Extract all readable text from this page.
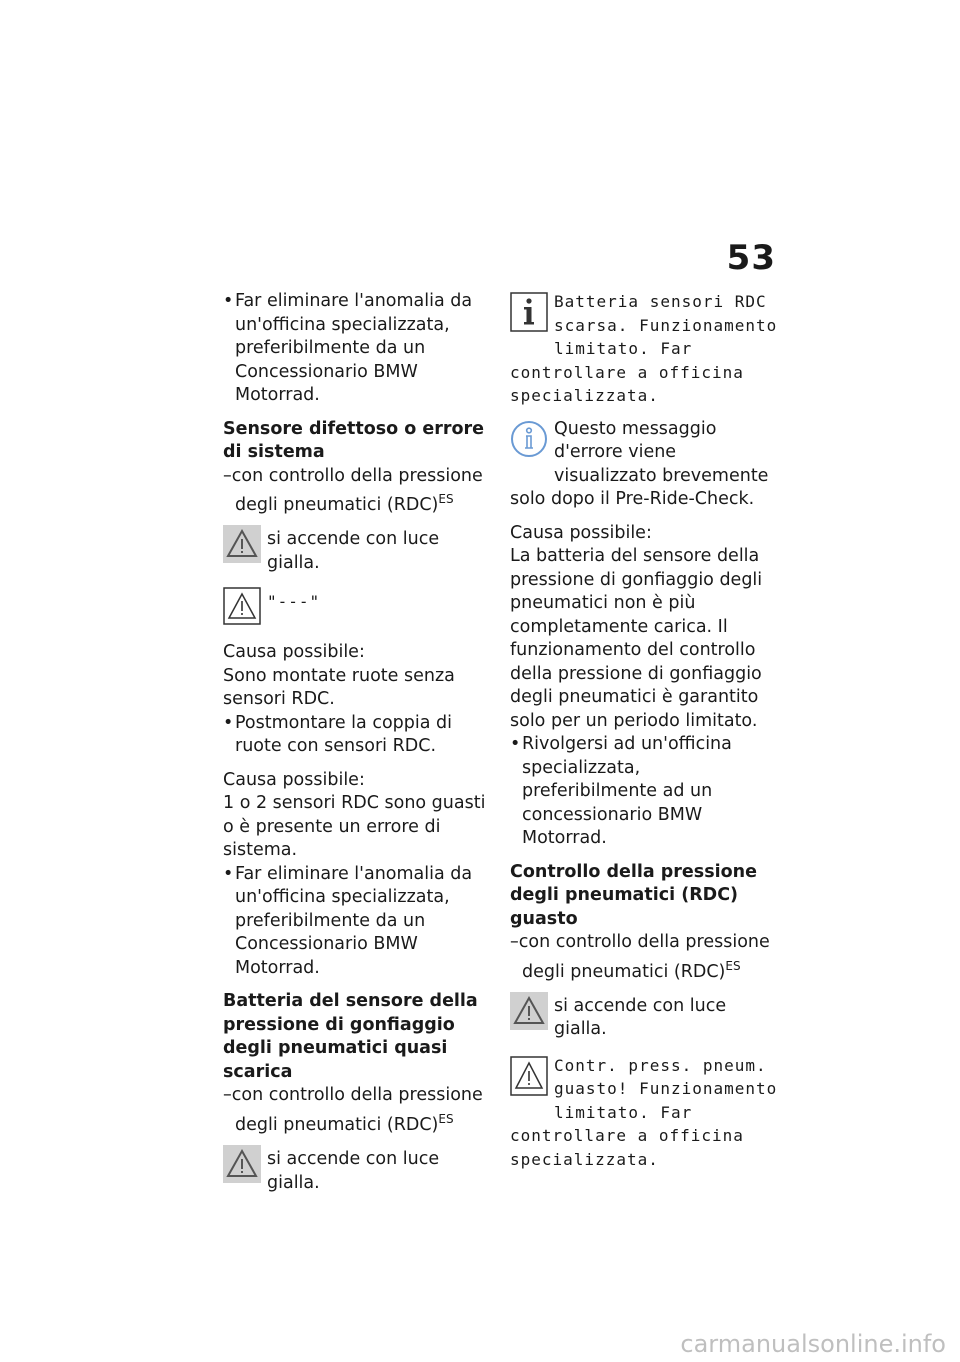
53
•Far eliminare l'anomalia da un'officina specializzata, preferibilmente da un Concessionario BMW Motorrad.
Sensore difettoso o errore di sistema
–con controllo della pressione degli pneumatici (RDC)$^{ES}$
si accende con luce gialla.
"---"
Causa possibile:
Sono montate ruote senza sensori RDC.
•Postmontare la coppia di ruote con sensori RDC.
Causa possibile:
1 o 2 sensori RDC sono guasti o è presente un errore di sistema.
•Far eliminare l'anomalia da un'officina specializzata, preferibilmente da un Concessionario BMW Motorrad.
Batteria del sensore della pressione di gonfiaggio degli pneumatici quasi scarica
–con controllo della pressione degli pneumatici (RDC)$^{ES}$
si accende con luce gialla.
Batteria sensori RDC scarsa. Funzionamento limitato. Far controllare a officina specializzata.
Questo messaggio d'errore viene visualizzato brevemente solo dopo il Pre-Ride-Check.
Causa possibile:
La batteria del sensore della pressione di gonfiaggio degli pneumatici non è più completamente carica. Il funzionamento del controllo della pressione di gonfiaggio degli pneumatici è garantito solo per un periodo limitato.
•Rivolgersi ad un'officina specializzata, preferibilmente ad un concessionario BMW Motorrad.
Controllo della pressione degli pneumatici (RDC) guasto
–con controllo della pressione degli pneumatici (RDC)$^{ES}$
si accende con luce gialla.
Contr. press. pneum. guasto! Funzionamento limitato. Far controllare a officina specializzata.
carmanualsonline.info
